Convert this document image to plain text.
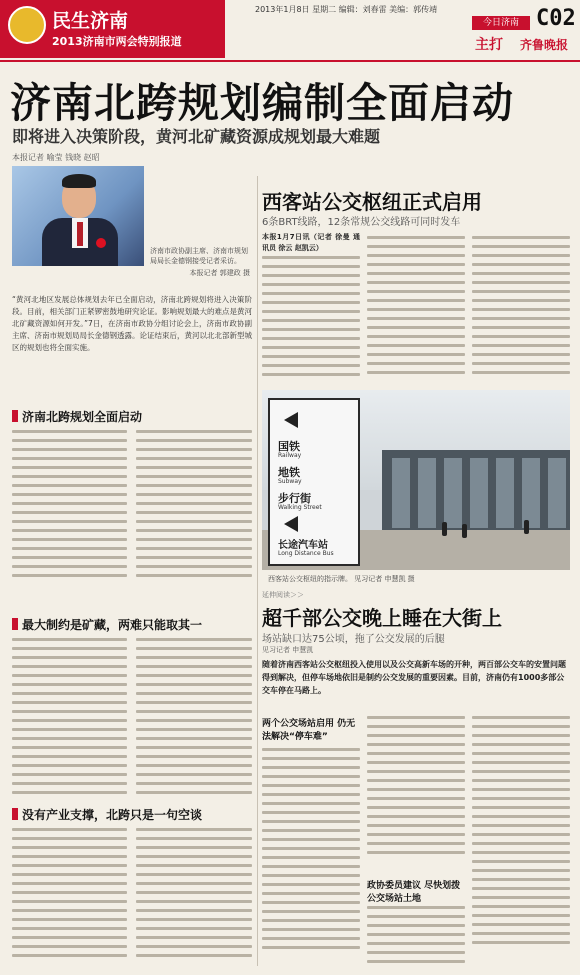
民生济南
2013济南市两会特别报道
2013年1月8日 星期二 编辑：刘春雷 美编：郭传靖
今日济南 C02
主打 齐鲁晚报
济南北跨规划编制全面启动
即将进入决策阶段，黄河北矿藏资源成规划最大难题
本报记者 喻莹 钱晓 赵昭
济南市政协副主席、济南市规划局局长金德钢接受记者采访。
本报记者 郭建政 摄
“黄河北地区发展总体规划去年已全面启动，济南北跨规划将进入决策阶段。目前，相关部门正紧锣密鼓地研究论证。影响规划最大的难点是黄河北矿藏资源如何开发。”7日，在济南市政协分组讨论会上，济南市政协副主席、济南市规划局局长金德钢透露。论证结束后，黄河以北北部新型城区的规划也将全面实施。
济南北跨规划全面启动
最大制约是矿藏，两难只能取其一
没有产业支撑，北跨只是一句空谈
西客站公交枢纽正式启用
6条BRT线路，12条常规公交线路可同时发车
本报1月7日讯（记者 徐曼 通讯员 徐云 赵凯云）
国铁
Railway
地铁
Subway
步行街
Walking Street
长途汽车站
Long Distance Bus
西客站公交枢纽的指示牌。 见习记者 申慧凯 摄
延伸阅读＞＞
超千部公交晚上睡在大街上
场站缺口达75公顷，拖了公交发展的后腿
见习记者 申慧凯
随着济南西客站公交枢纽投入使用以及公交高新车场的开种，两百部公交车的安置问题得到解决，但停车场地依旧是制约公交发展的重要因素。目前，济南仍有1000多部公交车停在马路上。
两个公交场站启用 仍无法解决“停车难”
政协委员建议 尽快划拨公交场站土地
